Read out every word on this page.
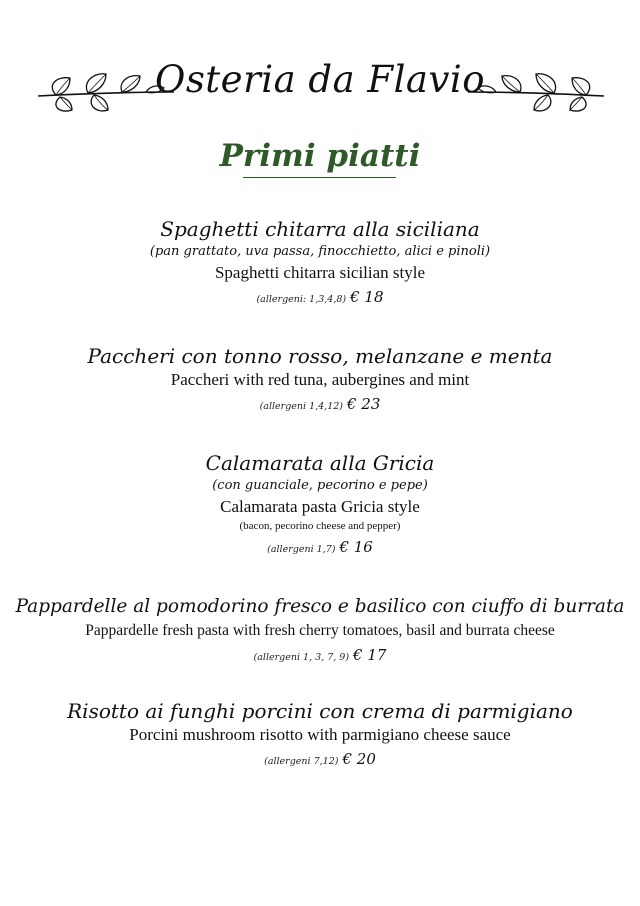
Osteria da Flavio
Primi piatti
Spaghetti chitarra alla siciliana
(pan grattato, uva passa, finocchietto, alici e pinoli)
Spaghetti chitarra sicilian style
(allergeni: 1,3,4,8) € 18
Paccheri con tonno rosso, melanzane e menta
Paccheri with red tuna, aubergines and mint
(allergeni 1,4,12) € 23
Calamarata alla Gricia
(con guanciale, pecorino e pepe)
Calamarata pasta Gricia style
(bacon, pecorino cheese and pepper)
(allergeni 1,7) € 16
Pappardelle al pomodorino fresco e basilico con ciuffo di burrata
Pappardelle fresh pasta with fresh cherry tomatoes, basil and burrata cheese
(allergeni 1, 3, 7, 9) € 17
Risotto ai funghi porcini con crema di parmigiano
Porcini mushroom risotto with parmigiano cheese sauce
(allergeni 7,12) € 20
